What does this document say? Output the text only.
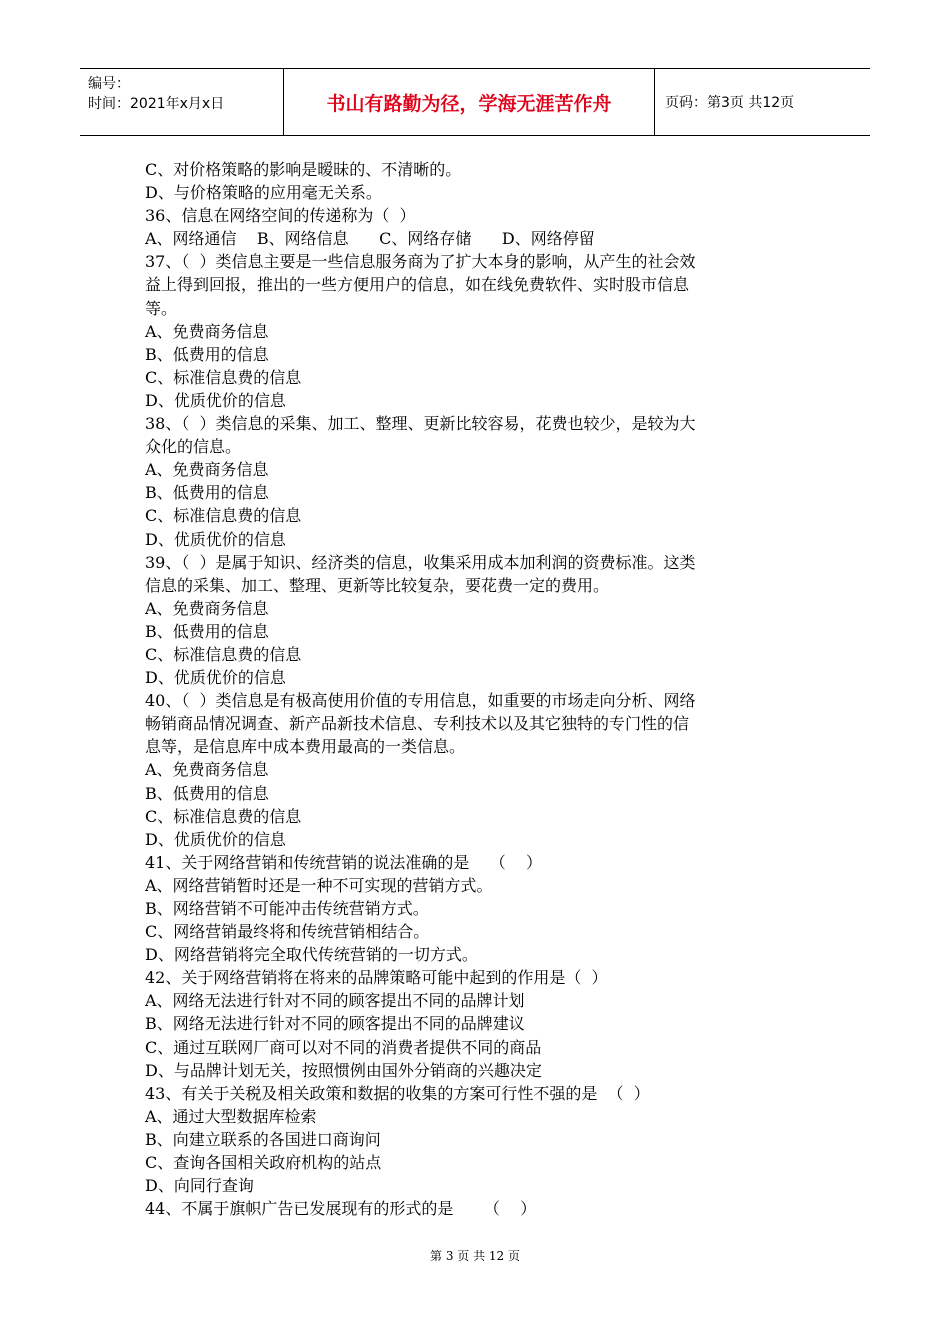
编号：
时间：2021年x月x日	书山有路勤为径，学海无涯苦作舟	页码：第3页 共12页
C、对价格策略的影响是暧昧的、不清晰的。
D、与价格策略的应用毫无关系。
36、信息在网络空间的传递称为（  ）
A、网络通信    B、网络信息      C、网络存储      D、网络停留
37、（  ）类信息主要是一些信息服务商为了扩大本身的影响，从产生的社会效
益上得到回报，推出的一些方便用户的信息，如在线免费软件、实时股市信息
等。
A、免费商务信息
B、低费用的信息
C、标准信息费的信息
D、优质优价的信息
38、（  ）类信息的采集、加工、整理、更新比较容易，花费也较少，是较为大
众化的信息。
A、免费商务信息
B、低费用的信息
C、标准信息费的信息
D、优质优价的信息
39、（  ）是属于知识、经济类的信息，收集采用成本加利润的资费标准。这类
信息的采集、加工、整理、更新等比较复杂，要花费一定的费用。
A、免费商务信息
B、低费用的信息
C、标准信息费的信息
D、优质优价的信息
40、（  ）类信息是有极高使用价值的专用信息，如重要的市场走向分析、网络
畅销商品情况调查、新产品新技术信息、专利技术以及其它独特的专门性的信
息等，是信息库中成本费用最高的一类信息。
A、免费商务信息
B、低费用的信息
C、标准信息费的信息
D、优质优价的信息
41、关于网络营销和传统营销的说法准确的是    （    ）
A、网络营销暂时还是一种不可实现的营销方式。
B、网络营销不可能冲击传统营销方式。
C、网络营销最终将和传统营销相结合。
D、网络营销将完全取代传统营销的一切方式。
42、关于网络营销将在将来的品牌策略可能中起到的作用是（  ）
A、网络无法进行针对不同的顾客提出不同的品牌计划
B、网络无法进行针对不同的顾客提出不同的品牌建议
C、通过互联网厂商可以对不同的消费者提供不同的商品
D、与品牌计划无关，按照惯例由国外分销商的兴趣决定
43、有关于关税及相关政策和数据的收集的方案可行性不强的是  （  ）
A、通过大型数据库检索
B、向建立联系的各国进口商询问
C、查询各国相关政府机构的站点
D、向同行查询
44、不属于旗帜广告已发展现有的形式的是      （    ）
第 3 页 共 12 页
